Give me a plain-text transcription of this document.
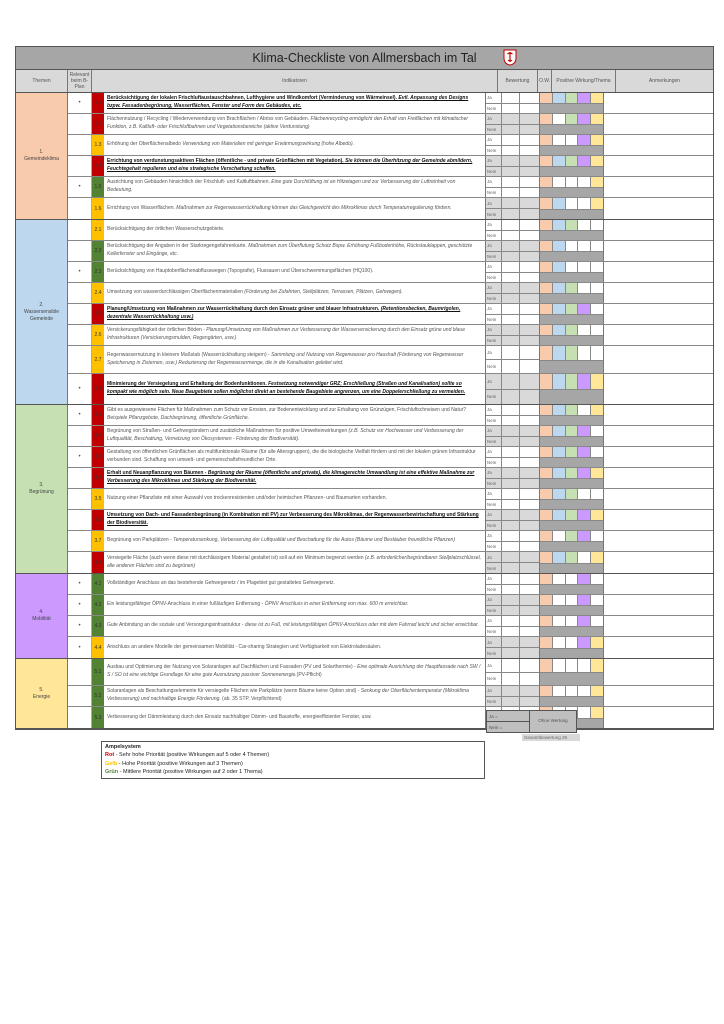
Klima-Checkliste von Allmersbach im Tal
Themen
Relevant beim B-Plan
Indikatoren	Bewertung	O.W.	Positive Wirkung/Thema	Anmerkungen
1.
Gemeindeklima
•	1.1
Berücksichtigung der lokalen Frischluftaustauschbahnen, Lufthygiene und Windkomfort (Verminderung von Wärmeinsel). Evtl. Anpassung des Designs bzpw. Fassadenbegrünung, Wasserflächen, Fenster und Form des Gebäudes, etc.
Ja
Nein
1.2
Flächennutzung / Recycling / Wiederverwendung von Brachflächen / Abriss von Gebäuden. Flächenrecycling ermöglicht den Erhalt von Freiflächen mit klimatischer Funktion, z.B. Kaltluft- oder Frischluftbahnen und Vegetationsbereiche (aktive Verdunstung)
Ja
Nein
1.3	Erhöhung der Oberflächenalbedo Verwendung von Materialien mit geringer Erwärmungswirkung (hohe Albedo).
Ja
Nein
1.4
Errichtung von verdunstungsaktiven Flächen (öffentliche - und private Grünflächen mit Vegetation). Sie können die Überhitzung der Gemeinde abmildern, Feuchtegehalt regulieren und eine strategische Verschattung schaffen.
Ja
Nein
•	1.5
Ausrichtung von Gebäuden hinsichtlich der Frischluft- und Kaltluftbahnen. Eine gute Durchlüftung ist an Hitzetagen und zur Verbesserung der Luftreinheit von Bedeutung.
Ja
Nein
1.6	Errichtung von Wasserflächen. Maßnahmen zur Regenwasserrückhaltung können das Gleichgewicht des Mikroklimas durch Temperaturregulierung fördern.
Ja
Nein
2.
Wassersensible
Gemeinde
2.1	Berücksichtigung der örtlichen Wasserschutzgebiete.
Ja
Nein
2.2
Berücksichtigung der Angaben in der Starkregengefahrenkarte. Maßnahmen zum Überflutung Schutz Bspw. Erhöhung Fußbodenhöhe, Rückstauklappen, geschützte Kellerfenster und Eingänge, etc.
Ja
Nein
•	2.3	Berücksichtigung von Hauptoberflächenabflusswegen (Topografie), Flussauen und Überschwemmungsflächen (HQ100).
Ja
Nein
2.4	Umsetzung von wasserdurchlässigen Oberflächenmaterialien (Förderung bei Zufahrten, Stellplätzen, Terrassen, Plätzen, Gehwegen).
Ja
Nein
2.5
Planung/Umsetzung von Maßnahmen zur Wasserrückhaltung durch den Einsatz grüner und blauer Infrastrukturen. (Retentionsbecken, Baumrigolen, dezentrale Wasserrückhaltung usw.)
Ja
Nein
2.6
Versickerungsfähigkeit der örtlichen Böden - Planung/Umsetzung von Maßnahmen zur Verbesserung der Wasserversickerung durch den Einsatz grüne und blaue Infrastrukturen (Versickerungsmulden, Regengärten, usw.)
Ja
Nein
2.7
Regenwassernutzung in kleinem Maßstab (Wasserrückhaltung steigern) - Sammlung und Nutzung von Regenwasser pro Haushalt (Förderung von Regenwasser Speicherung in Zisternen, usw.) Reduzierung der Regenwassermenge, die in die Kanalisation geleitet wird.
Ja
Nein
•	2.8
Minimierung der Versiegelung und Erhaltung der Bodenfunktionen. Festsetzung notwendiger GRZ; Erschließung (Straßen und Kanalisation) sollte so kompakt wie möglich sein. Neue Baugebiete sollen möglichst direkt an bestehende Baugebiete angrenzen, um eine Doppelerschließung zu vermeiden.
Ja
Nein
3.
Begrünung
•	3.1
Gibt es ausgewiesene Flächen für Maßnahmen zum Schutz vor Erosion, zur Bodenentwicklung und zur Erhaltung von Grünzügen, Frischluftschneisen und Natur? Beispiele Pflanzgebote, Dachbegrünung, öffentliche Grünfläche.
Ja
Nein
3.2
Begrünung von Straßen- und Gehwegrändern und zusätzliche Maßnahmen für positive Umwelteinwirkungen (z.B. Schutz vor Hochwasser und Verbesserung der Luftqualität, Beschattung, Vernetzung von Ökosystemen - Förderung der Biodiversität).
Ja
Nein
•	3.3
Gestaltung von öffentlichen Grünflächen als multifunktionale Räume (für alle Altersgruppen), die die biologische Vielfalt fördern und mit der lokalen grünen Infrastruktur verbunden sind. Schaffung von umwelt- und gemeinschaftsfreundlicher Orte.
Ja
Nein
3.4
Erhalt und Neuanpflanzung von Bäumen - Begrünung der Räume (öffentliche und private), die klimagerechte Umwandlung ist eine effektive Maßnahme zur Verbesserung des Mikroklimas und Stärkung der Biodiversität.
Ja
Nein
3.5	Nutzung einer Pflanzliste mit einer Auswahl von trockenresistenten und/oder heimischen Pflanzen- und Baumarten vorhanden.
Ja
Nein
3.6
Umsetzung von Dach- und Fassadenbegrünung (in Kombination mit PV) zur Verbesserung des Mikroklimas, der Regenwasserbewirtschaftung und Stärkung der Biodiversität.
Ja
Nein
3.7	Begrünung von Parkplätzen - Temperatursenkung, Verbesserung der Luftqualität und Beschattung für die Autos (Bäume und Bestäuber freundliche Pflanzen)
Ja
Nein
3.8
Versiegelte Fläche (auch wenn diese mit durchlässigem Material gestaltet ist) soll auf ein Minimum begrenzt werden (z.B. erforderlicher/begründbarer Stellplatzschlüssel, alle anderen Flächen sind zu begrünen)
Ja
Nein
4.
Mobilität
•	4.1	Vollständiger Anschluss an das bestehende Gehwegenetz / im Plagebiet gut gestaltetes Gehwegenetz.
Ja
Nein
•	4.2	Ein leistungsfähiger ÖPNV-Anschluss in einer fußläufigen Entfernung - ÖPNV Anschluss in einer Entfernung von max. 600 m erreichbar.
Ja
Nein
•	4.3	Gute Anbindung an die soziale und Versorgungsinfrastruktur - diese ist zu Fuß, mit leistungsfähigen ÖPNV-Anschluss oder mit dem Fahrrad leicht und sicher erreichbar.
Ja
Nein
•	4.4	Anschluss an andere Modelle der gemeinsamen Mobilität - Car-sharing Strategien und Verfügbarkeit von Elektroladesäulen.
Ja
Nein
5.
Energie
5.1
Ausbau und Optimierung der Nutzung von Solaranlagen auf Dachflächen und Fassaden (PV und Solarthermie) - Eine optimale Ausrichtung der Hauptfassade nach SW / S / SO ist eine wichtige Grundlage für eine gute Ausnutzung passiver Sonnenenergie.(PV-Pflicht)
Ja
Nein
5.2
Solaranlagen als Beschattungselemente für versiegelte Flächen wie Parkplätze (wenn Bäume keine Option sind) - Senkung der Oberflächentemperatur (Mikroklima Verbesserung) und nachhaltige Energie Förderung. (ab. 35 STP. Verpflichtend)
Ja
Nein
5.3	Verbesserung der Dämmleistung durch den Einsatz nachhaltiger Dämm- und Baustoffe, energieeffizienter Fenster, usw.	Ja =
Nein =
Ohne Wertung
Gesamtbewertung 29
Ampelsystem
Rot - Sehr hohe Priorität (positive Wirkungen auf 5 oder 4 Themen)
Gelb - Hohe Priorität (positive Wirkungen auf 3 Themen)
Grün - Mittlere Priorität (positive Wirkungen auf 2 oder 1 Thema)
